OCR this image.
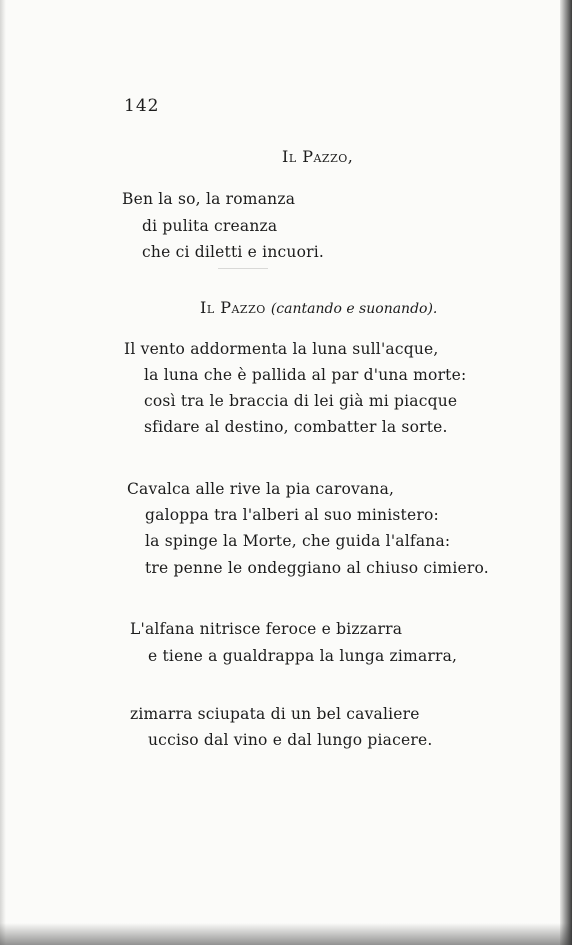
142
Il Pazzo,
Ben la so, la romanza
di pulita creanza
che ci diletti e incuori.
Il Pazzo (cantando e suonando).
Il vento addormenta la luna sull'acque,
la luna che è pallida al par d'una morte:
così tra le braccia di lei già mi piacque
sfidare al destino, combatter la sorte.
Cavalca alle rive la pia carovana,
galoppa tra l'alberi al suo ministero:
la spinge la Morte, che guida l'alfana:
tre penne le ondeggiano al chiuso cimiero.
L'alfana nitrisce feroce e bizzarra
e tiene a gualdrappa la lunga zimarra,
zimarra sciupata di un bel cavaliere
ucciso dal vino e dal lungo piacere.
